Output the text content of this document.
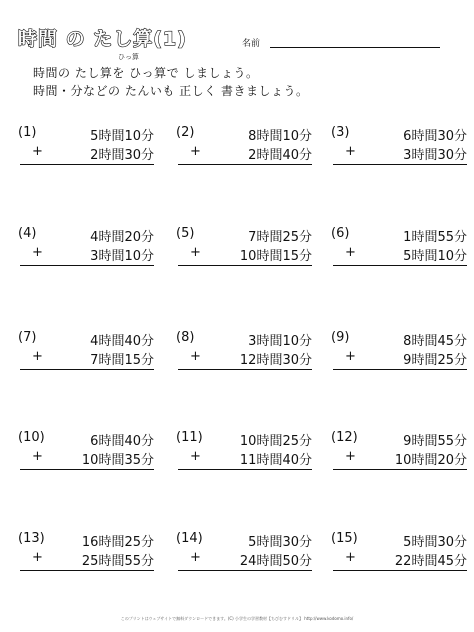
時間 の たし算(1)
ひっ算
名前
時間の たし算を ひっ算で しましょう。
時間・分などの たんいも 正しく 書きましょう。
(1)	5時間10分
+	2時間30分
(2)	8時間10分
+	2時間40分
(3)	6時間30分
+	3時間30分
(4)	4時間20分
+	3時間10分
(5)	7時間25分
+	10時間15分
(6)	1時間55分
+	5時間10分
(7)	4時間40分
+	7時間15分
(8)	3時間10分
+	12時間30分
(9)	8時間45分
+	9時間25分
(10)	6時間40分
+	10時間35分
(11)	10時間25分
+	11時間40分
(12)	9時間55分
+	10時間20分
(13)	16時間25分
+	25時間55分
(14)	5時間30分
+	24時間50分
(15)	5時間30分
+	22時間45分
このプリントはウェブサイトで無料ダウンロードできます。(C) 小学生の学習教材【ちびむすドリル】 http://www.kodomo.info/
